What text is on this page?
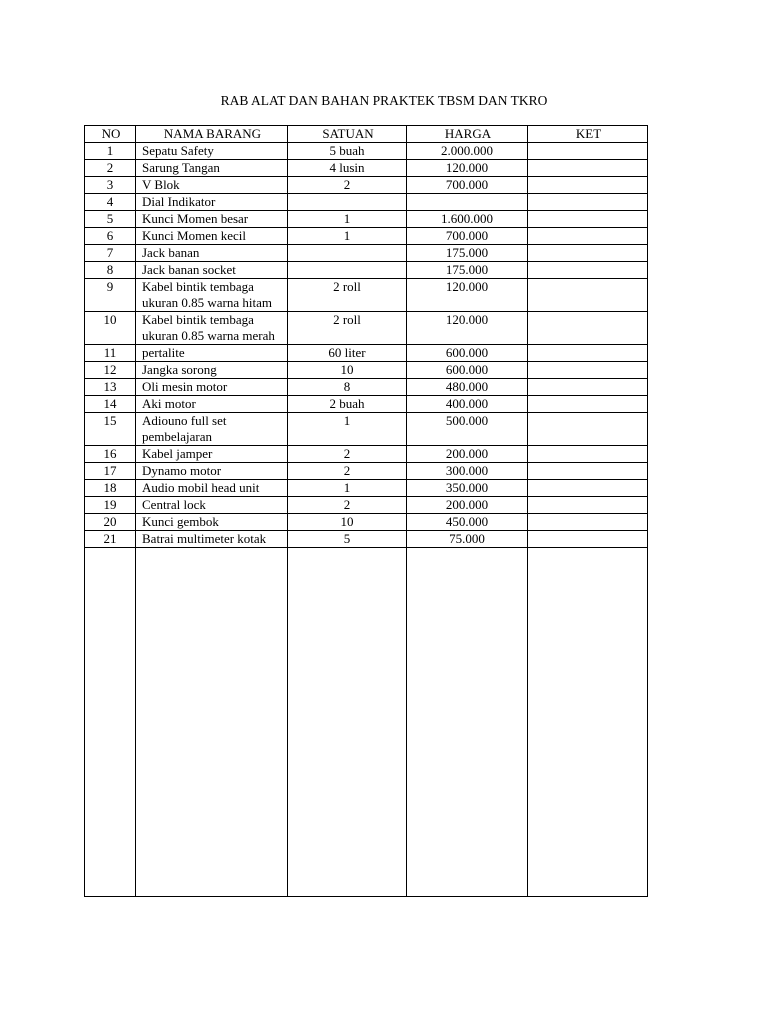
RAB ALAT DAN BAHAN PRAKTEK TBSM DAN TKRO
NO	NAMA BARANG	SATUAN	HARGA	KET
1	Sepatu Safety	5 buah	2.000.000	
2	Sarung Tangan	4 lusin	120.000	
3	V Blok	2	700.000	
4	Dial Indikator			
5	Kunci Momen besar	1	1.600.000	
6	Kunci Momen kecil	1	700.000	
7	Jack banan		175.000	
8	Jack banan socket		175.000	
9	Kabel bintik tembaga ukuran 0.85 warna hitam	2 roll	120.000	
10	Kabel bintik tembaga ukuran 0.85 warna merah	2 roll	120.000	
11	pertalite	60 liter	600.000	
12	Jangka sorong	10	600.000	
13	Oli mesin motor	8	480.000	
14	Aki motor	2 buah	400.000	
15	Adiouno full set pembelajaran	1	500.000	
16	Kabel jamper	2	200.000	
17	Dynamo motor	2	300.000	
18	Audio mobil head unit	1	350.000	
19	Central lock	2	200.000	
20	Kunci gembok	10	450.000	
21	Batrai multimeter kotak	5	75.000	
